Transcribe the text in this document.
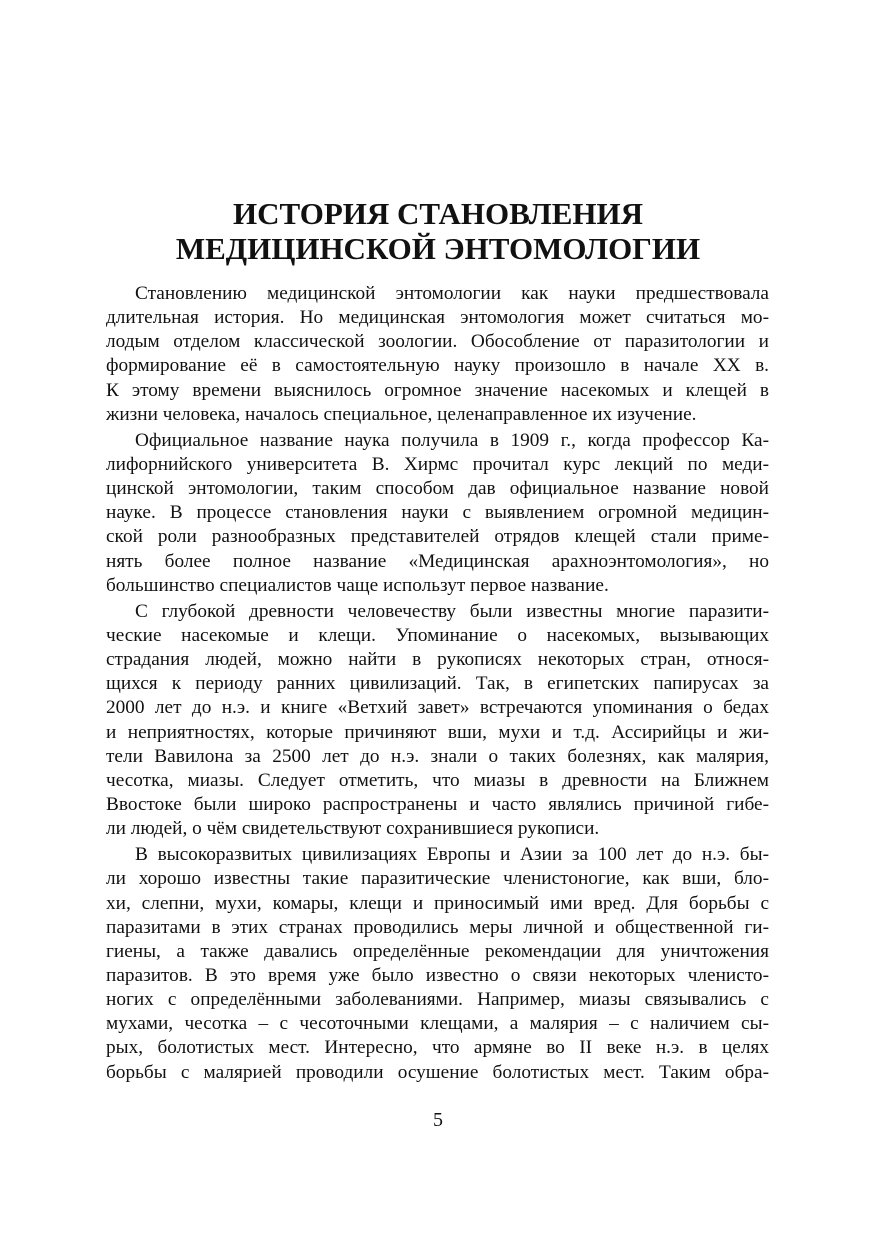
ИСТОРИЯ СТАНОВЛЕНИЯ
МЕДИЦИНСКОЙ ЭНТОМОЛОГИИ
Становлению медицинской энтомологии как науки предшествовала
длительная история. Но медицинская энтомология может считаться мо-
лодым отделом классической зоологии. Обособление от паразитологии и
формирование её в самостоятельную науку произошло в начале ХХ в.
К этому времени выяснилось огромное значение насекомых и клещей в
жизни человека, началось специальное, целенаправленное их изучение.
Официальное название наука получила в 1909 г., когда профессор Ка-
лифорнийского университета В. Хирмс прочитал курс лекций по меди-
цинской энтомологии, таким способом дав официальное название новой
науке. В процессе становления науки с выявлением огромной медицин-
ской роли разнообразных представителей отрядов клещей стали приме-
нять более полное название «Медицинская арахноэнтомология», но
большинство специалистов чаще использут первое название.
С глубокой древности человечеству были известны многие паразити-
ческие насекомые и клещи. Упоминание о насекомых, вызывающих
страдания людей, можно найти в рукописях некоторых стран, относя-
щихся к периоду ранних цивилизаций. Так, в египетских папирусах за
2000 лет до н.э. и книге «Ветхий завет» встречаются упоминания о бедах
и неприятностях, которые причиняют вши, мухи и т.д. Ассирийцы и жи-
тели Вавилона за 2500 лет до н.э. знали о таких болезнях, как малярия,
чесотка, миазы. Следует отметить, что миазы в древности на Ближнем
Ввостоке были широко распространены и часто являлись причиной гибе-
ли людей, о чём свидетельствуют сохранившиеся рукописи.
В высокоразвитых цивилизациях Европы и Азии за 100 лет до н.э. бы-
ли хорошо известны такие паразитические членистоногие, как вши, бло-
хи, слепни, мухи, комары, клещи и приносимый ими вред. Для борьбы с
паразитами в этих странах проводились меры личной и общественной ги-
гиены, а также давались определённые рекомендации для уничтожения
паразитов. В это время уже было известно о связи некоторых членисто-
ногих с определёнными заболеваниями. Например, миазы связывались с
мухами, чесотка – с чесоточными клещами, а малярия – с наличием сы-
рых, болотистых мест. Интересно, что армяне во II веке н.э. в целях
борьбы с малярией проводили осушение болотистых мест. Таким обра-
5
